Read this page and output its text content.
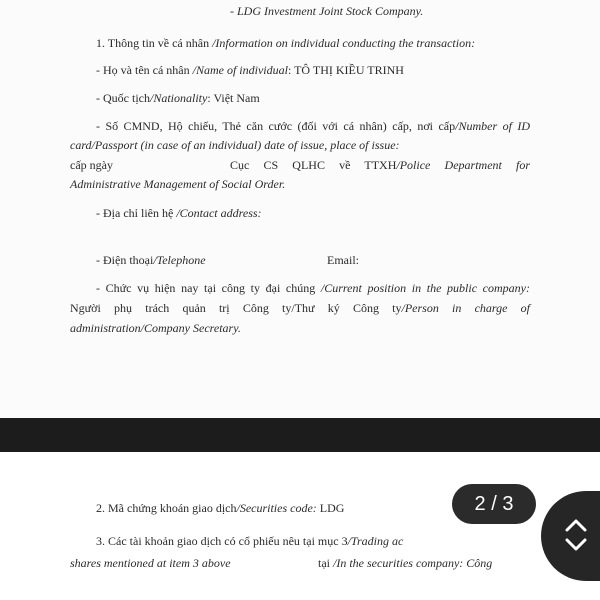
- LDG Investment Joint Stock Company.
1. Thông tin về cá nhân /Information on individual conducting the transaction:
- Họ và tên cá nhân /Name of individual: TÔ THỊ KIỀU TRINH
- Quốc tịch/Nationality: Việt Nam
- Số CMND, Hộ chiếu, Thẻ căn cước (đối với cá nhân) cấp, nơi cấp/Number of ID
card/Passport (in case of an individual) date of issue, place of issue:
cấp ngày	Cục CS QLHC về TTXH/Police Department for
Administrative Management of Social Order.
- Địa chỉ liên hệ /Contact address:
- Điện thoại/Telephone	Email:
- Chức vụ hiện nay tại công ty đại chúng /Current position in the public company:
Người phụ trách quản trị Công ty/Thư ký Công ty/Person in charge of
administration/Company Secretary.
2. Mã chứng khoán giao dịch/Securities code: LDG
3. Các tài khoản giao dịch có cổ phiếu nêu tại mục 3/Trading ac
shares mentioned at item 3 above	tại /In the securities company: Công
2 / 3
